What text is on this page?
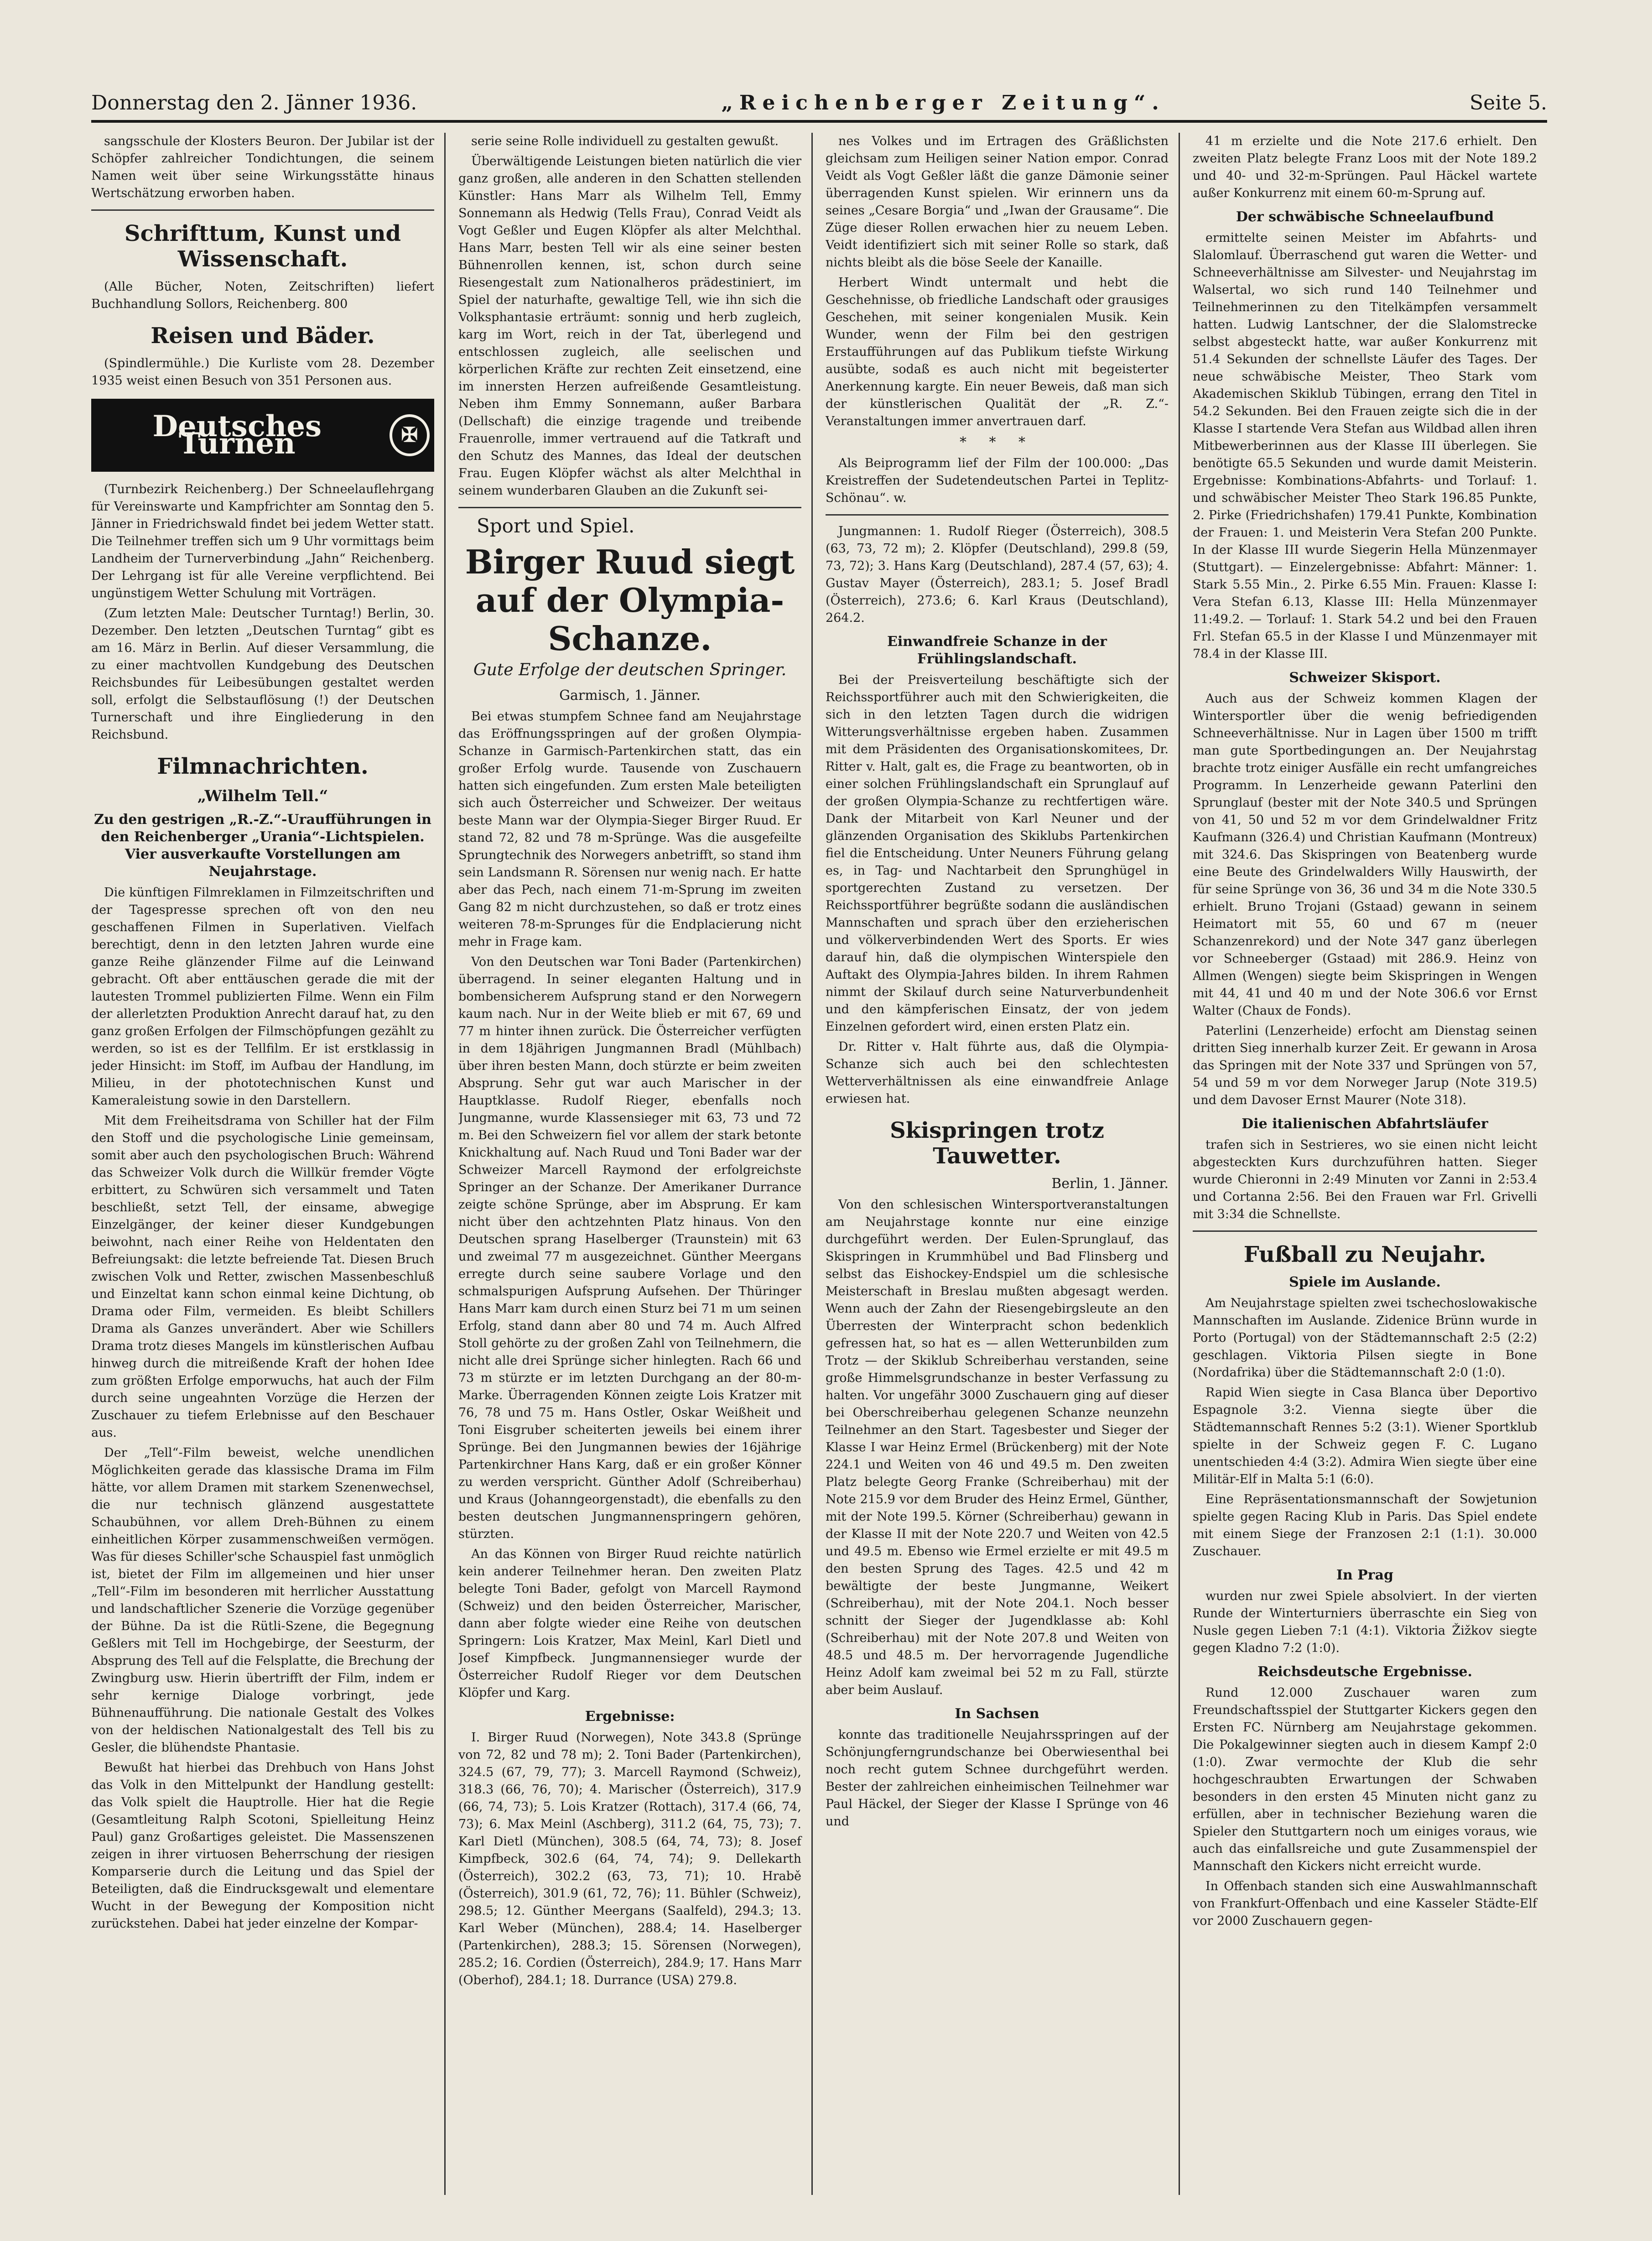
Donnerstag den 2. Jänner 1936.	„Reichenberger Zeitung“.	Seite 5.

sangsschule der Klosters Beuron. Der Jubilar ist der Schöpfer zahlreicher Tondichtungen, die seinem Namen weit über seine Wirkungsstätte hinaus Wertschätzung erworben haben.

Schrifttum, Kunst und Wissenschaft.

(Alle Bücher, Noten, Zeitschriften) liefert Buchhandlung Sollors, Reichenberg. 800

Reisen und Bäder.

(Spindlermühle.) Die Kurliste vom 28. Dezember 1935 weist einen Besuch von 351 Personen aus.

Deutsches Turnen	✠

(Turnbezirk Reichenberg.) Der Schneelauflehrgang für Vereinswarte und Kampfrichter am Sonntag den 5. Jänner in Friedrichswald findet bei jedem Wetter statt. Die Teilnehmer treffen sich um 9 Uhr vormittags beim Landheim der Turnerverbindung „Jahn“ Reichenberg. Der Lehrgang ist für alle Vereine verpflichtend. Bei ungünstigem Wetter Schulung mit Vorträgen.

(Zum letzten Male: Deutscher Turntag!) Berlin, 30. Dezember. Den letzten „Deutschen Turntag“ gibt es am 16. März in Berlin. Auf dieser Versammlung, die zu einer machtvollen Kundgebung des Deutschen Reichsbundes für Leibesübungen gestaltet werden soll, erfolgt die Selbstauflösung (!) der Deutschen Turnerschaft und ihre Eingliederung in den Reichsbund.

Filmnachrichten.
„Wilhelm Tell.“
Zu den gestrigen „R.-Z.“-Uraufführungen in den Reichenberger „Urania“-Lichtspielen. Vier ausverkaufte Vorstellungen am Neujahrstage.

Die künftigen Filmreklamen in Filmzeitschriften und der Tagespresse sprechen oft von den neu geschaffenen Filmen in Superlativen. Vielfach berechtigt, denn in den letzten Jahren wurde eine ganze Reihe glänzender Filme auf die Leinwand gebracht. Oft aber enttäuschen gerade die mit der lautesten Trommel publizierten Filme. Wenn ein Film der allerletzten Produktion Anrecht darauf hat, zu den ganz großen Erfolgen der Filmschöpfungen gezählt zu werden, so ist es der Tellfilm. Er ist erstklassig in jeder Hinsicht: im Stoff, im Aufbau der Handlung, im Milieu, in der phototechnischen Kunst und Kameraleistung sowie in den Darstellern.

Mit dem Freiheitsdrama von Schiller hat der Film den Stoff und die psychologische Linie gemeinsam, somit aber auch den psychologischen Bruch: Während das Schweizer Volk durch die Willkür fremder Vögte erbittert, zu Schwüren sich versammelt und Taten beschließt, setzt Tell, der einsame, abwegige Einzelgänger, der keiner dieser Kundgebungen beiwohnt, nach einer Reihe von Heldentaten den Befreiungsakt: die letzte befreiende Tat. Diesen Bruch zwischen Volk und Retter, zwischen Massenbeschluß und Einzeltat kann schon einmal keine Dichtung, ob Drama oder Film, vermeiden. Es bleibt Schillers Drama als Ganzes unverändert. Aber wie Schillers Drama trotz dieses Mangels im künstlerischen Aufbau hinweg durch die mitreißende Kraft der hohen Idee zum größten Erfolge emporwuchs, hat auch der Film durch seine ungeahnten Vorzüge die Herzen der Zuschauer zu tiefem Erlebnisse auf den Beschauer aus.

Der „Tell“-Film beweist, welche unendlichen Möglichkeiten gerade das klassische Drama im Film hätte, vor allem Dramen mit starkem Szenenwechsel, die nur technisch glänzend ausgestattete Schaubühnen, vor allem Dreh-Bühnen zu einem einheitlichen Körper zusammenschweißen vermögen. Was für dieses Schiller'sche Schauspiel fast unmöglich ist, bietet der Film im allgemeinen und hier unser „Tell“-Film im besonderen mit herrlicher Ausstattung und landschaftlicher Szenerie die Vorzüge gegenüber der Bühne. Da ist die Rütli-Szene, die Begegnung Geßlers mit Tell im Hochgebirge, der Seesturm, der Absprung des Tell auf die Felsplatte, die Brechung der Zwingburg usw. Hierin übertrifft der Film, indem er sehr kernige Dialoge vorbringt, jede Bühnenaufführung. Die nationale Gestalt des Volkes von der heldischen Nationalgestalt des Tell bis zu Gesler, die blühendste Phantasie.

Bewußt hat hierbei das Drehbuch von Hans Johst das Volk in den Mittelpunkt der Handlung gestellt: das Volk spielt die Hauptrolle. Hier hat die Regie (Gesamtleitung Ralph Scotoni, Spielleitung Heinz Paul) ganz Großartiges geleistet. Die Massenszenen zeigen in ihrer virtuosen Beherrschung der riesigen Komparserie durch die Leitung und das Spiel der Beteiligten, daß die Eindrucksgewalt und elementare Wucht in der Bewegung der Komposition nicht zurückstehen. Dabei hat jeder einzelne der Kompar-

serie seine Rolle individuell zu gestalten gewußt.

Überwältigende Leistungen bieten natürlich die vier ganz großen, alle anderen in den Schatten stellenden Künstler: Hans Marr als Wilhelm Tell, Emmy Sonnemann als Hedwig (Tells Frau), Conrad Veidt als Vogt Geßler und Eugen Klöpfer als alter Melchthal. Hans Marr, besten Tell wir als eine seiner besten Bühnenrollen kennen, ist, schon durch seine Riesengestalt zum Nationalheros prädestiniert, im Spiel der naturhafte, gewaltige Tell, wie ihn sich die Volksphantasie erträumt: sonnig und herb zugleich, karg im Wort, reich in der Tat, überlegend und entschlossen zugleich, alle seelischen und körperlichen Kräfte zur rechten Zeit einsetzend, eine im innersten Herzen aufreißende Gesamtleistung. Neben ihm Emmy Sonnemann, außer Barbara (Dellschaft) die einzige tragende und treibende Frauenrolle, immer vertrauend auf die Tatkraft und den Schutz des Mannes, das Ideal der deutschen Frau. Eugen Klöpfer wächst als alter Melchthal in seinem wunderbaren Glauben an die Zukunft sei-

Sport und Spiel.
Birger Ruud siegt auf der Olympia-Schanze.
Gute Erfolge der deutschen Springer.
Garmisch, 1. Jänner.

Bei etwas stumpfem Schnee fand am Neujahrstage das Eröffnungsspringen auf der großen Olympia-Schanze in Garmisch-Partenkirchen statt, das ein großer Erfolg wurde. Tausende von Zuschauern hatten sich eingefunden. Zum ersten Male beteiligten sich auch Österreicher und Schweizer. Der weitaus beste Mann war der Olympia-Sieger Birger Ruud. Er stand 72, 82 und 78 m-Sprünge. Was die ausgefeilte Sprungtechnik des Norwegers anbetrifft, so stand ihm sein Landsmann R. Sörensen nur wenig nach. Er hatte aber das Pech, nach einem 71-m-Sprung im zweiten Gang 82 m nicht durchzustehen, so daß er trotz eines weiteren 78-m-Sprunges für die Endplacierung nicht mehr in Frage kam.

Von den Deutschen war Toni Bader (Partenkirchen) überragend. In seiner eleganten Haltung und in bombensicherem Aufsprung stand er den Norwegern kaum nach. Nur in der Weite blieb er mit 67, 69 und 77 m hinter ihnen zurück. Die Österreicher verfügten in dem 18jährigen Jungmannen Bradl (Mühlbach) über ihren besten Mann, doch stürzte er beim zweiten Absprung. Sehr gut war auch Marischer in der Hauptklasse. Rudolf Rieger, ebenfalls noch Jungmanne, wurde Klassensieger mit 63, 73 und 72 m. Bei den Schweizern fiel vor allem der stark betonte Knickhaltung auf. Nach Ruud und Toni Bader war der Schweizer Marcell Raymond der erfolgreichste Springer an der Schanze. Der Amerikaner Durrance zeigte schöne Sprünge, aber im Absprung. Er kam nicht über den achtzehnten Platz hinaus. Von den Deutschen sprang Haselberger (Traunstein) mit 63 und zweimal 77 m ausgezeichnet. Günther Meergans erregte durch seine saubere Vorlage und den schmalspurigen Aufsprung Aufsehen. Der Thüringer Hans Marr kam durch einen Sturz bei 71 m um seinen Erfolg, stand dann aber 80 und 74 m. Auch Alfred Stoll gehörte zu der großen Zahl von Teilnehmern, die nicht alle drei Sprünge sicher hinlegten. Rach 66 und 73 m stürzte er im letzten Durchgang an der 80-m-Marke. Überragenden Können zeigte Lois Kratzer mit 76, 78 und 75 m. Hans Ostler, Oskar Weißheit und Toni Eisgruber scheiterten jeweils bei einem ihrer Sprünge. Bei den Jungmannen bewies der 16jährige Partenkirchner Hans Karg, daß er ein großer Könner zu werden verspricht. Günther Adolf (Schreiberhau) und Kraus (Johanngeorgenstadt), die ebenfalls zu den besten deutschen Jungmannenspringern gehören, stürzten.

An das Können von Birger Ruud reichte natürlich kein anderer Teilnehmer heran. Den zweiten Platz belegte Toni Bader, gefolgt von Marcell Raymond (Schweiz) und den beiden Österreicher, Marischer, dann aber folgte wieder eine Reihe von deutschen Springern: Lois Kratzer, Max Meinl, Karl Dietl und Josef Kimpfbeck. Jungmannensieger wurde der Österreicher Rudolf Rieger vor dem Deutschen Klöpfer und Karg.

Ergebnisse:

I. Birger Ruud (Norwegen), Note 343.8 (Sprünge von 72, 82 und 78 m); 2. Toni Bader (Partenkirchen), 324.5 (67, 79, 77); 3. Marcell Raymond (Schweiz), 318.3 (66, 76, 70); 4. Marischer (Österreich), 317.9 (66, 74, 73); 5. Lois Kratzer (Rottach), 317.4 (66, 74, 73); 6. Max Meinl (Aschberg), 311.2 (64, 75, 73); 7. Karl Dietl (München), 308.5 (64, 74, 73); 8. Josef Kimpfbeck, 302.6 (64, 74, 74); 9. Dellekarth (Österreich), 302.2 (63, 73, 71); 10. Hrabě (Österreich), 301.9 (61, 72, 76); 11. Bühler (Schweiz), 298.5; 12. Günther Meergans (Saalfeld), 294.3; 13. Karl Weber (München), 288.4; 14. Haselberger (Partenkirchen), 288.3; 15. Sörensen (Norwegen), 285.2; 16. Cordien (Österreich), 284.9; 17. Hans Marr (Oberhof), 284.1; 18. Durrance (USA) 279.8.

nes Volkes und im Ertragen des Gräßlichsten gleichsam zum Heiligen seiner Nation empor. Conrad Veidt als Vogt Geßler läßt die ganze Dämonie seiner überragenden Kunst spielen. Wir erinnern uns da seines „Cesare Borgia“ und „Iwan der Grausame“. Die Züge dieser Rollen erwachen hier zu neuem Leben. Veidt identifiziert sich mit seiner Rolle so stark, daß nichts bleibt als die böse Seele der Kanaille.

Herbert Windt untermalt und hebt die Geschehnisse, ob friedliche Landschaft oder grausiges Geschehen, mit seiner kongenialen Musik. Kein Wunder, wenn der Film bei den gestrigen Erstaufführungen auf das Publikum tiefste Wirkung ausübte, sodaß es auch nicht mit begeisterter Anerkennung kargte. Ein neuer Beweis, daß man sich der künstlerischen Qualität der „R. Z.“-Veranstaltungen immer anvertrauen darf.

* * *

Als Beiprogramm lief der Film der 100.000: „Das Kreistreffen der Sudetendeutschen Partei in Teplitz-Schönau“. w.

Jungmannen: 1. Rudolf Rieger (Österreich), 308.5 (63, 73, 72 m); 2. Klöpfer (Deutschland), 299.8 (59, 73, 72); 3. Hans Karg (Deutschland), 287.4 (57, 63); 4. Gustav Mayer (Österreich), 283.1; 5. Josef Bradl (Österreich), 273.6; 6. Karl Kraus (Deutschland), 264.2.

Einwandfreie Schanze in der Frühlingslandschaft.

Bei der Preisverteilung beschäftigte sich der Reichssportführer auch mit den Schwierigkeiten, die sich in den letzten Tagen durch die widrigen Witterungsverhältnisse ergeben haben. Zusammen mit dem Präsidenten des Organisationskomitees, Dr. Ritter v. Halt, galt es, die Frage zu beantworten, ob in einer solchen Frühlingslandschaft ein Sprunglauf auf der großen Olympia-Schanze zu rechtfertigen wäre. Dank der Mitarbeit von Karl Neuner und der glänzenden Organisation des Skiklubs Partenkirchen fiel die Entscheidung. Unter Neuners Führung gelang es, in Tag- und Nachtarbeit den Sprunghügel in sportgerechten Zustand zu versetzen. Der Reichssportführer begrüßte sodann die ausländischen Mannschaften und sprach über den erzieherischen und völkerverbindenden Wert des Sports. Er wies darauf hin, daß die olympischen Winterspiele den Auftakt des Olympia-Jahres bilden. In ihrem Rahmen nimmt der Skilauf durch seine Naturverbundenheit und den kämpferischen Einsatz, der von jedem Einzelnen gefordert wird, einen ersten Platz ein.

Dr. Ritter v. Halt führte aus, daß die Olympia-Schanze sich auch bei den schlechtesten Wetterverhältnissen als eine einwandfreie Anlage erwiesen hat.

Skispringen trotz Tauwetter.
Berlin, 1. Jänner.

Von den schlesischen Wintersportveranstaltungen am Neujahrstage konnte nur eine einzige durchgeführt werden. Der Eulen-Sprunglauf, das Skispringen in Krummhübel und Bad Flinsberg und selbst das Eishockey-Endspiel um die schlesische Meisterschaft in Breslau mußten abgesagt werden. Wenn auch der Zahn der Riesengebirgsleute an den Überresten der Winterpracht schon bedenklich gefressen hat, so hat es — allen Wetterunbilden zum Trotz — der Skiklub Schreiberhau verstanden, seine große Himmelsgrundschanze in bester Verfassung zu halten. Vor ungefähr 3000 Zuschauern ging auf dieser bei Oberschreiberhau gelegenen Schanze neunzehn Teilnehmer an den Start. Tagesbester und Sieger der Klasse I war Heinz Ermel (Brückenberg) mit der Note 224.1 und Weiten von 46 und 49.5 m. Den zweiten Platz belegte Georg Franke (Schreiberhau) mit der Note 215.9 vor dem Bruder des Heinz Ermel, Günther, mit der Note 199.5. Körner (Schreiberhau) gewann in der Klasse II mit der Note 220.7 und Weiten von 42.5 und 49.5 m. Ebenso wie Ermel erzielte er mit 49.5 m den besten Sprung des Tages. 42.5 und 42 m bewältigte der beste Jungmanne, Weikert (Schreiberhau), mit der Note 204.1. Noch besser schnitt der Sieger der Jugendklasse ab: Kohl (Schreiberhau) mit der Note 207.8 und Weiten von 48.5 und 48.5 m. Der hervorragende Jugendliche Heinz Adolf kam zweimal bei 52 m zu Fall, stürzte aber beim Auslauf.

In Sachsen

konnte das traditionelle Neujahrsspringen auf der Schönjungferngrundschanze bei Oberwiesenthal bei noch recht gutem Schnee durchgeführt werden. Bester der zahlreichen einheimischen Teilnehmer war Paul Häckel, der Sieger der Klasse I Sprünge von 46 und

41 m erzielte und die Note 217.6 erhielt. Den zweiten Platz belegte Franz Loos mit der Note 189.2 und 40- und 32-m-Sprüngen. Paul Häckel wartete außer Konkurrenz mit einem 60-m-Sprung auf.

Der schwäbische Schneelaufbund

ermittelte seinen Meister im Abfahrts- und Slalomlauf. Überraschend gut waren die Wetter- und Schneeverhältnisse am Silvester- und Neujahrstag im Walsertal, wo sich rund 140 Teilnehmer und Teilnehmerinnen zu den Titelkämpfen versammelt hatten. Ludwig Lantschner, der die Slalomstrecke selbst abgesteckt hatte, war außer Konkurrenz mit 51.4 Sekunden der schnellste Läufer des Tages. Der neue schwäbische Meister, Theo Stark vom Akademischen Skiklub Tübingen, errang den Titel in 54.2 Sekunden. Bei den Frauen zeigte sich die in der Klasse I startende Vera Stefan aus Wildbad allen ihren Mitbewerberinnen aus der Klasse III überlegen. Sie benötigte 65.5 Sekunden und wurde damit Meisterin. Ergebnisse: Kombinations-Abfahrts- und Torlauf: 1. und schwäbischer Meister Theo Stark 196.85 Punkte, 2. Pirke (Friedrichshafen) 179.41 Punkte, Kombination der Frauen: 1. und Meisterin Vera Stefan 200 Punkte. In der Klasse III wurde Siegerin Hella Münzenmayer (Stuttgart). — Einzelergebnisse: Abfahrt: Männer: 1. Stark 5.55 Min., 2. Pirke 6.55 Min. Frauen: Klasse I: Vera Stefan 6.13, Klasse III: Hella Münzenmayer 11:49.2. — Torlauf: 1. Stark 54.2 und bei den Frauen Frl. Stefan 65.5 in der Klasse I und Münzenmayer mit 78.4 in der Klasse III.

Schweizer Skisport.

Auch aus der Schweiz kommen Klagen der Wintersportler über die wenig befriedigenden Schneeverhältnisse. Nur in Lagen über 1500 m trifft man gute Sportbedingungen an. Der Neujahrstag brachte trotz einiger Ausfälle ein recht umfangreiches Programm. In Lenzerheide gewann Paterlini den Sprunglauf (bester mit der Note 340.5 und Sprüngen von 41, 50 und 52 m vor dem Grindelwaldner Fritz Kaufmann (326.4) und Christian Kaufmann (Montreux) mit 324.6. Das Skispringen von Beatenberg wurde eine Beute des Grindelwalders Willy Hauswirth, der für seine Sprünge von 36, 36 und 34 m die Note 330.5 erhielt. Bruno Trojani (Gstaad) gewann in seinem Heimatort mit 55, 60 und 67 m (neuer Schanzenrekord) und der Note 347 ganz überlegen vor Schneeberger (Gstaad) mit 286.9. Heinz von Allmen (Wengen) siegte beim Skispringen in Wengen mit 44, 41 und 40 m und der Note 306.6 vor Ernst Walter (Chaux de Fonds).

Paterlini (Lenzerheide) erfocht am Dienstag seinen dritten Sieg innerhalb kurzer Zeit. Er gewann in Arosa das Springen mit der Note 337 und Sprüngen von 57, 54 und 59 m vor dem Norweger Jarup (Note 319.5) und dem Davoser Ernst Maurer (Note 318).

Die italienischen Abfahrtsläufer

trafen sich in Sestrieres, wo sie einen nicht leicht abgesteckten Kurs durchzuführen hatten. Sieger wurde Chieronni in 2:49 Minuten vor Zanni in 2:53.4 und Cortanna 2:56. Bei den Frauen war Frl. Grivelli mit 3:34 die Schnellste.

Fußball zu Neujahr.
Spiele im Auslande.

Am Neujahrstage spielten zwei tschechoslowakische Mannschaften im Auslande. Zidenice Brünn wurde in Porto (Portugal) von der Städtemannschaft 2:5 (2:2) geschlagen. Viktoria Pilsen siegte in Bone (Nordafrika) über die Städtemannschaft 2:0 (1:0).

Rapid Wien siegte in Casa Blanca über Deportivo Espagnole 3:2. Vienna siegte über die Städtemannschaft Rennes 5:2 (3:1). Wiener Sportklub spielte in der Schweiz gegen F. C. Lugano unentschieden 4:4 (3:2). Admira Wien siegte über eine Militär-Elf in Malta 5:1 (6:0).

Eine Repräsentationsmannschaft der Sowjetunion spielte gegen Racing Klub in Paris. Das Spiel endete mit einem Siege der Franzosen 2:1 (1:1). 30.000 Zuschauer.

In Prag

wurden nur zwei Spiele absolviert. In der vierten Runde der Winterturniers überraschte ein Sieg von Nusle gegen Lieben 7:1 (4:1). Viktoria Žižkov siegte gegen Kladno 7:2 (1:0).

Reichsdeutsche Ergebnisse.

Rund 12.000 Zuschauer waren zum Freundschaftsspiel der Stuttgarter Kickers gegen den Ersten FC. Nürnberg am Neujahrstage gekommen. Die Pokalgewinner siegten auch in diesem Kampf 2:0 (1:0). Zwar vermochte der Klub die sehr hochgeschraubten Erwartungen der Schwaben besonders in den ersten 45 Minuten nicht ganz zu erfüllen, aber in technischer Beziehung waren die Spieler den Stuttgartern noch um einiges voraus, wie auch das einfallsreiche und gute Zusammenspiel der Mannschaft den Kickers nicht erreicht wurde.

In Offenbach standen sich eine Auswahlmannschaft von Frankfurt-Offenbach und eine Kasseler Städte-Elf vor 2000 Zuschauern gegen-
